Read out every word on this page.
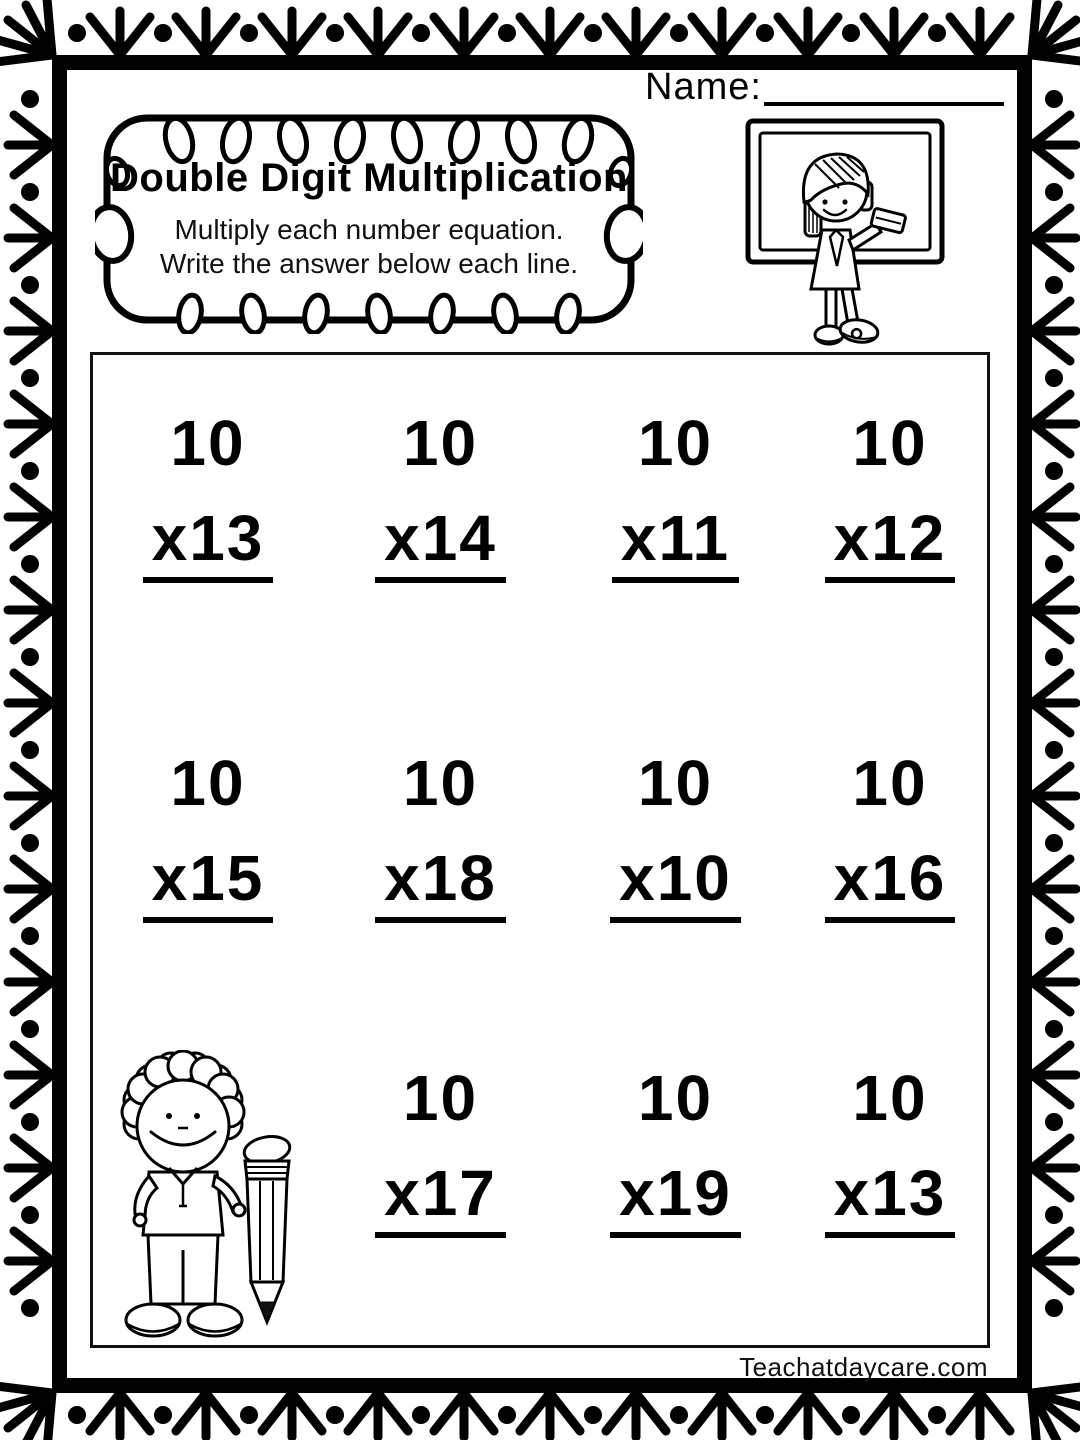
Name:
Double Digit Multiplication
Multiply each number equation.
Write the answer below each line.
10

x13
10

x14
10

x11
10

x12
10

x15
10

x18
10

x10
10

x16
10

x17
10

x19
10

x13
Teachatdaycare.com
